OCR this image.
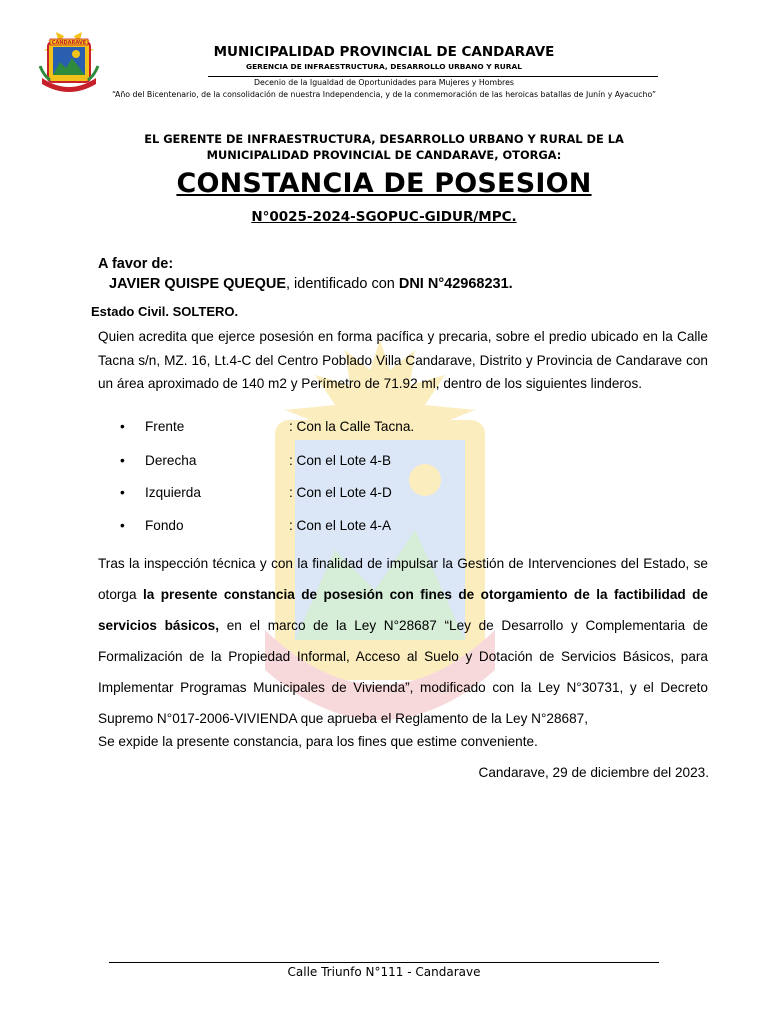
CANDARAVE
MUNICIPALIDAD PROVINCIAL DE CANDARAVE
GERENCIA DE INFRAESTRUCTURA, DESARROLLO URBANO Y RURAL
Decenio de la Igualdad de Oportunidades para Mujeres y Hombres
“Año del Bicentenario, de la consolidación de nuestra Independencia, y de la conmemoración de las heroicas batallas de Junín y Ayacucho”
EL GERENTE DE INFRAESTRUCTURA, DESARROLLO URBANO Y RURAL DE LA MUNICIPALIDAD PROVINCIAL DE CANDARAVE, OTORGA:
CONSTANCIA DE POSESION
N°0025-2024-SGOPUC-GIDUR/MPC.
A favor de:
JAVIER QUISPE QUEQUE, identificado con DNI N°42968231.
Estado Civil. SOLTERO.
Quien acredita que ejerce posesión en forma pacífica y precaria, sobre el predio ubicado en la Calle Tacna s/n, MZ. 16, Lt.4-C del Centro Poblado Villa Candarave, Distrito y Provincia de Candarave con un área aproximado de 140 m2 y Perímetro de 71.92 ml, dentro de los siguientes linderos.
• Frente	: Con la Calle Tacna.
• Derecha	: Con el Lote 4-B
• Izquierda	: Con el Lote 4-D
• Fondo	: Con el Lote 4-A
Tras la inspección técnica y con la finalidad de impulsar la Gestión de Intervenciones del Estado, se otorga la presente constancia de posesión con fines de otorgamiento de la factibilidad de servicios básicos, en el marco de la Ley N°28687 “Ley de Desarrollo y Complementaria de Formalización de la Propiedad Informal, Acceso al Suelo y Dotación de Servicios Básicos, para Implementar Programas Municipales de Vivienda”, modificado con la Ley N°30731, y el Decreto Supremo N°017-2006-VIVIENDA que aprueba el Reglamento de la Ley N°28687,
Se expide la presente constancia, para los fines que estime conveniente.
Candarave, 29 de diciembre del 2023.
Calle Triunfo N°111 - Candarave
